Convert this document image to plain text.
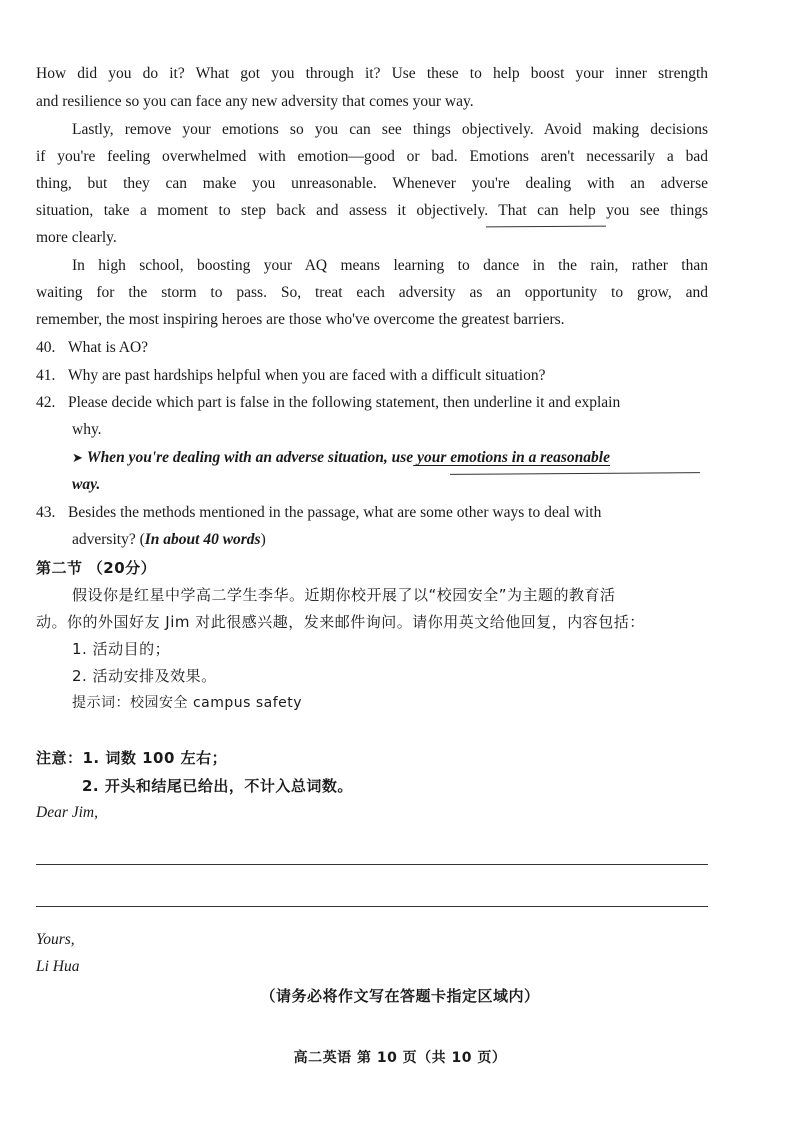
How did you do it? What got you through it? Use these to help boost your inner strength
and resilience so you can face any new adversity that comes your way.
Lastly, remove your emotions so you can see things objectively. Avoid making decisions
if you're feeling overwhelmed with emotion—good or bad. Emotions aren't necessarily a bad
thing, but they can make you unreasonable. Whenever you're dealing with an adverse
situation, take a moment to step back and assess it objectively. That can help you see things
more clearly.
In high school, boosting your AQ means learning to dance in the rain, rather than
waiting for the storm to pass. So, treat each adversity as an opportunity to grow, and
remember, the most inspiring heroes are those who've overcome the greatest barriers.
40. What is AO?
41. Why are past hardships helpful when you are faced with a difficult situation?
42. Please decide which part is false in the following statement, then underline it and explain
why.
➤ When you're dealing with an adverse situation, use your emotions in a reasonable
way.
43. Besides the methods mentioned in the passage, what are some other ways to deal with
adversity? (In about 40 words)
第二节 （20分）
假设你是红星中学高二学生李华。近期你校开展了以“校园安全”为主题的教育活
动。你的外国好友 Jim 对此很感兴趣，发来邮件询问。请你用英文给他回复，内容包括：
1. 活动目的；
2. 活动安排及效果。
提示词：校园安全 campus safety
注意：1. 词数 100 左右；
2. 开头和结尾已给出，不计入总词数。
Dear Jim,
Yours,
Li Hua
（请务必将作文写在答题卡指定区域内）
高二英语 第 10 页（共 10 页）
